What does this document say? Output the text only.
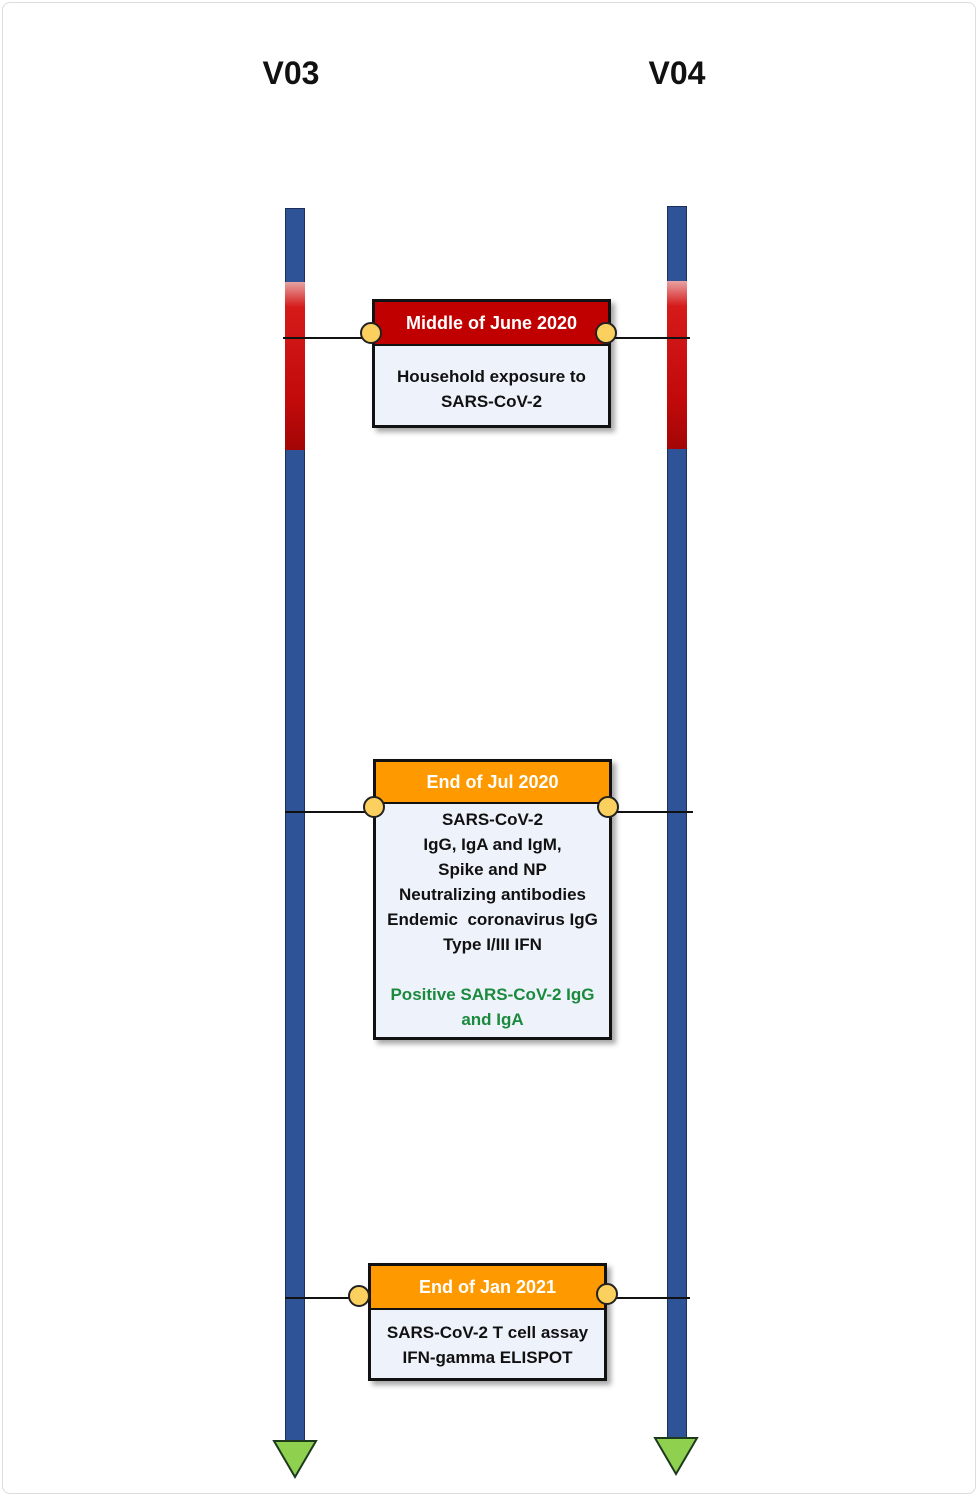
V03	V04
Middle of June 2020
Household exposure to
SARS-CoV-2
End of Jul 2020
SARS-CoV-2
IgG, IgA and IgM,
Spike and NP
Neutralizing antibodies
Endemic  coronavirus IgG
Type I/III IFN
Positive SARS-CoV-2 IgG
and IgA
End of Jan 2021
SARS-CoV-2 T cell assay
IFN-gamma ELISPOT
